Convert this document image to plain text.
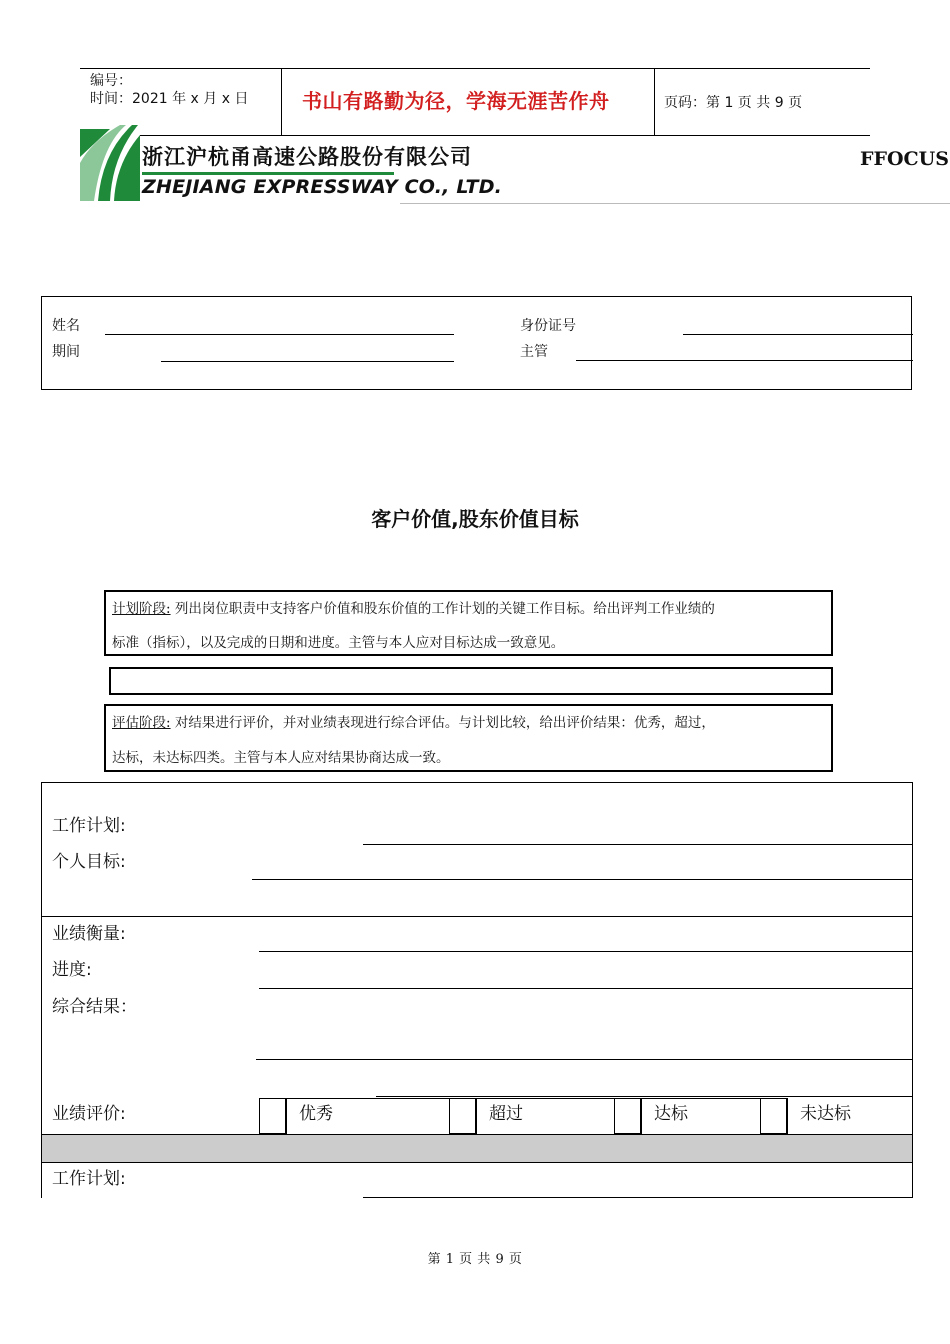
编号：
时间：2021 年 x 月 x 日	书山有路勤为径，学海无涯苦作舟	页码：第 1 页 共 9 页
浙江沪杭甬高速公路股份有限公司
ZHEJIANG EXPRESSWAY CO., LTD.
FFOCUS
姓名	身份证号
期间	主管
客户价值,股东价值目标
计划阶段: 列出岗位职责中支持客户价值和股东价值的工作计划的关键工作目标。给出评判工作业绩的
标准（指标），以及完成的日期和进度。主管与本人应对目标达成一致意见。
评估阶段: 对结果进行评价，并对业绩表现进行综合评估。与计划比较，给出评价结果：优秀，超过，
达标，未达标四类。主管与本人应对结果协商达成一致。
工作计划:
个人目标:
业绩衡量:
进度:
综合结果：
业绩评价:	优秀	超过	达标	未达标
工作计划:
第 1 页 共 9 页
